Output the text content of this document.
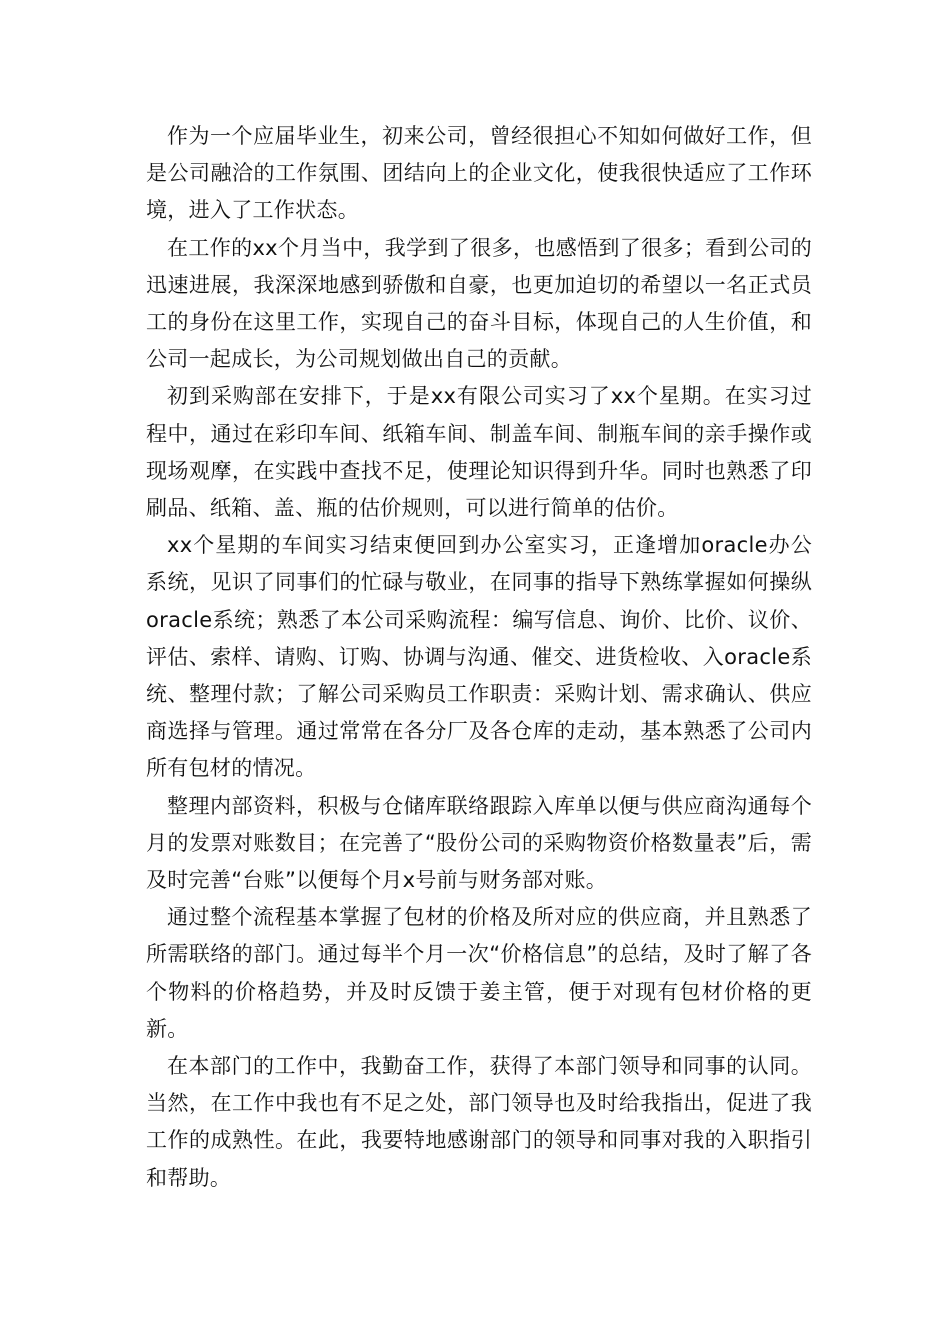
作为一个应届毕业生，初来公司，曾经很担心不知如何做好工作，但是公司融洽的工作氛围、团结向上的企业文化，使我很快适应了工作环境，进入了工作状态。

在工作的xx个月当中，我学到了很多，也感悟到了很多；看到公司的迅速进展，我深深地感到骄傲和自豪，也更加迫切的希望以一名正式员工的身份在这里工作，实现自己的奋斗目标，体现自己的人生价值，和公司一起成长，为公司规划做出自己的贡献。

初到采购部在安排下，于是xx有限公司实习了xx个星期。在实习过程中，通过在彩印车间、纸箱车间、制盖车间、制瓶车间的亲手操作或现场观摩，在实践中查找不足，使理论知识得到升华。同时也熟悉了印刷品、纸箱、盖、瓶的估价规则，可以进行简单的估价。

xx个星期的车间实习结束便回到办公室实习，正逢增加oracle办公系统，见识了同事们的忙碌与敬业，在同事的指导下熟练掌握如何操纵oracle系统；熟悉了本公司采购流程：编写信息、询价、比价、议价、评估、索样、请购、订购、协调与沟通、催交、进货检收、入oracle系统、整理付款；了解公司采购员工作职责：采购计划、需求确认、供应商选择与管理。通过常常在各分厂及各仓库的走动，基本熟悉了公司内所有包材的情况。

整理内部资料，积极与仓储库联络跟踪入库单以便与供应商沟通每个月的发票对账数目；在完善了“股份公司的采购物资价格数量表”后，需及时完善“台账”以便每个月x号前与财务部对账。

通过整个流程基本掌握了包材的价格及所对应的供应商，并且熟悉了所需联络的部门。通过每半个月一次“价格信息”的总结，及时了解了各个物料的价格趋势，并及时反馈于姜主管，便于对现有包材价格的更新。

在本部门的工作中，我勤奋工作，获得了本部门领导和同事的认同。当然，在工作中我也有不足之处，部门领导也及时给我指出，促进了我工作的成熟性。在此，我要特地感谢部门的领导和同事对我的入职指引和帮助。
